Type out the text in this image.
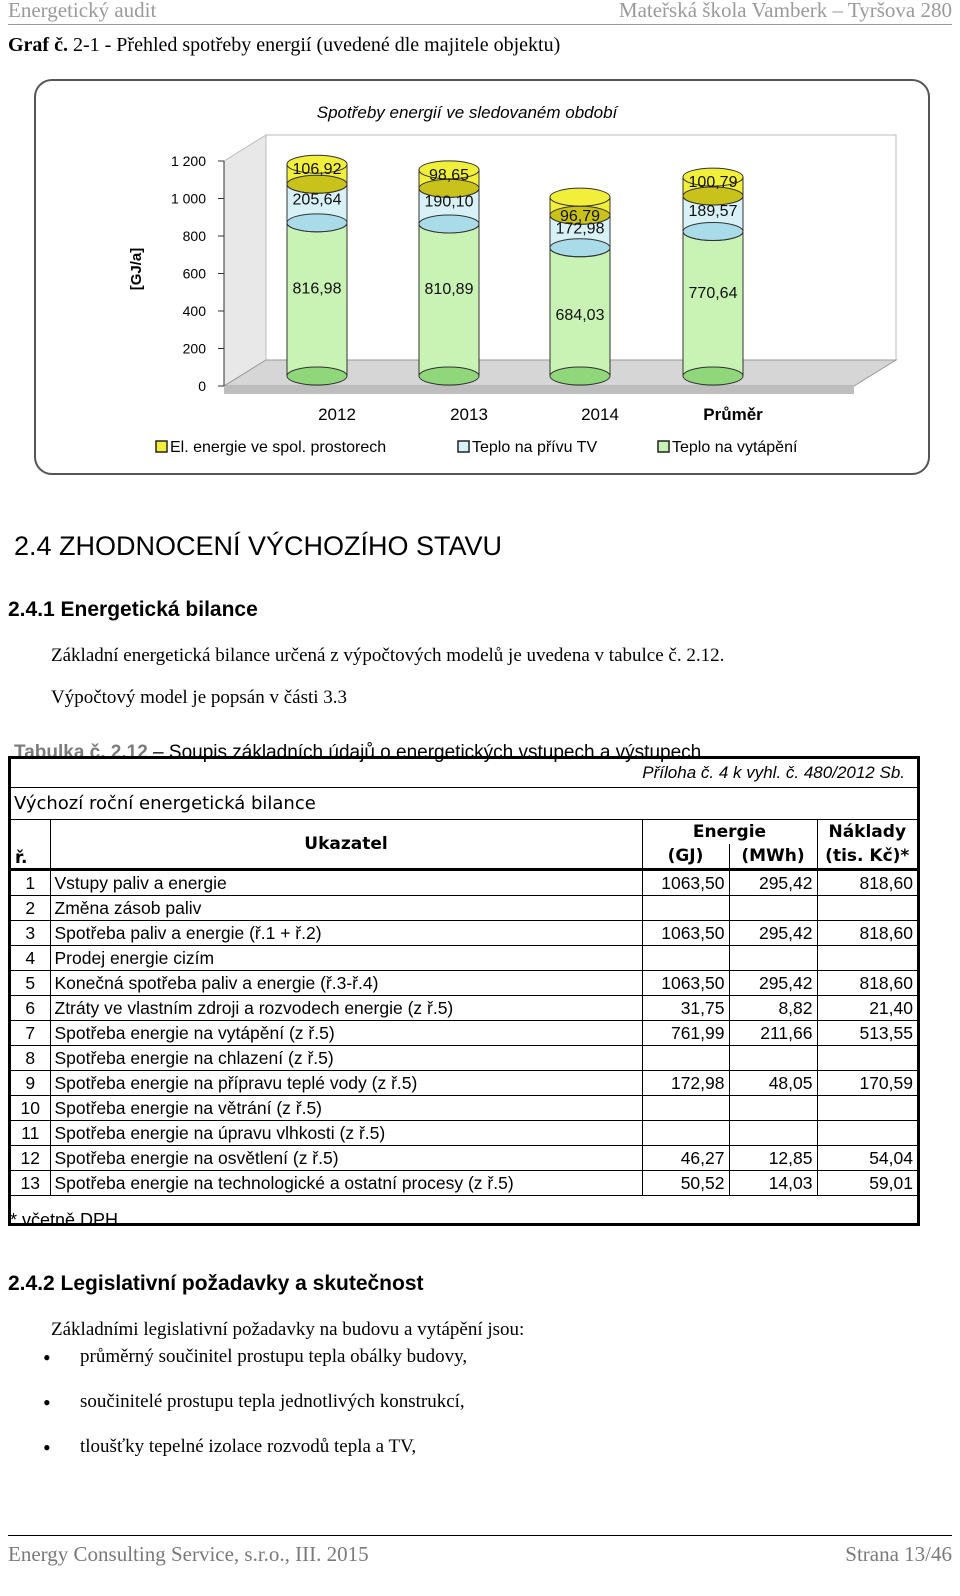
Energetický audit	Mateřská škola Vamberk – Tyršova 280
Graf č. 2-1 - Přehled spotřeby energií (uvedené dle majitele objektu)
0
200
400
600
800
1 000
1 200
[GJ/a]
Spotřeby energií ve sledovaném období
816,98
205,64
106,92
2012
810,89
190,10
98,65
2013
684,03
172,98
96,79
2014
770,64
189,57
100,79
Průměr
El. energie ve spol. prostorech	Teplo na přívu TV	Teplo na vytápění
2.4 ZHODNOCENÍ VÝCHOZÍHO STAVU
2.4.1 Energetická bilance
Základní energetická bilance určená z výpočtových modelů je uvedena v tabulce č. 2.12.
Výpočtový model je popsán v části 3.3
Tabulka č. 2.12 – Soupis základních údajů o energetických vstupech a výstupech
Příloha č. 4 k vyhl. č. 480/2012 Sb.
Výchozí roční energetická bilance
ř.	Ukazatel	Energie		Náklady
		(GJ)	(MWh)	(tis. Kč)*
1	Vstupy paliv a energie	1063,50	295,42	818,60
2	Změna zásob paliv			
3	Spotřeba paliv a energie (ř.1 + ř.2)	1063,50	295,42	818,60
4	Prodej energie cizím			
5	Konečná spotřeba paliv a energie (ř.3-ř.4)	1063,50	295,42	818,60
6	Ztráty ve vlastním zdroji a rozvodech energie (z ř.5)	31,75	8,82	21,40
7	Spotřeba energie na vytápění (z ř.5)	761,99	211,66	513,55
8	Spotřeba energie na chlazení (z ř.5)			
9	Spotřeba energie na přípravu teplé vody (z ř.5)	172,98	48,05	170,59
10	Spotřeba energie na větrání (z ř.5)			
11	Spotřeba energie na úpravu vlhkosti (z ř.5)			
12	Spotřeba energie na osvětlení (z ř.5)	46,27	12,85	54,04
13	Spotřeba energie na technologické a ostatní procesy (z ř.5)	50,52	14,03	59,01
* včetně DPH
2.4.2 Legislativní požadavky a skutečnost
Základními legislativní požadavky na budovu a vytápění jsou:
• průměrný součinitel prostupu tepla obálky budovy,
• součinitelé prostupu tepla jednotlivých konstrukcí,
• tloušťky tepelné izolace rozvodů tepla a TV,
Energy Consulting Service, s.r.o., III. 2015	Strana 13/46
